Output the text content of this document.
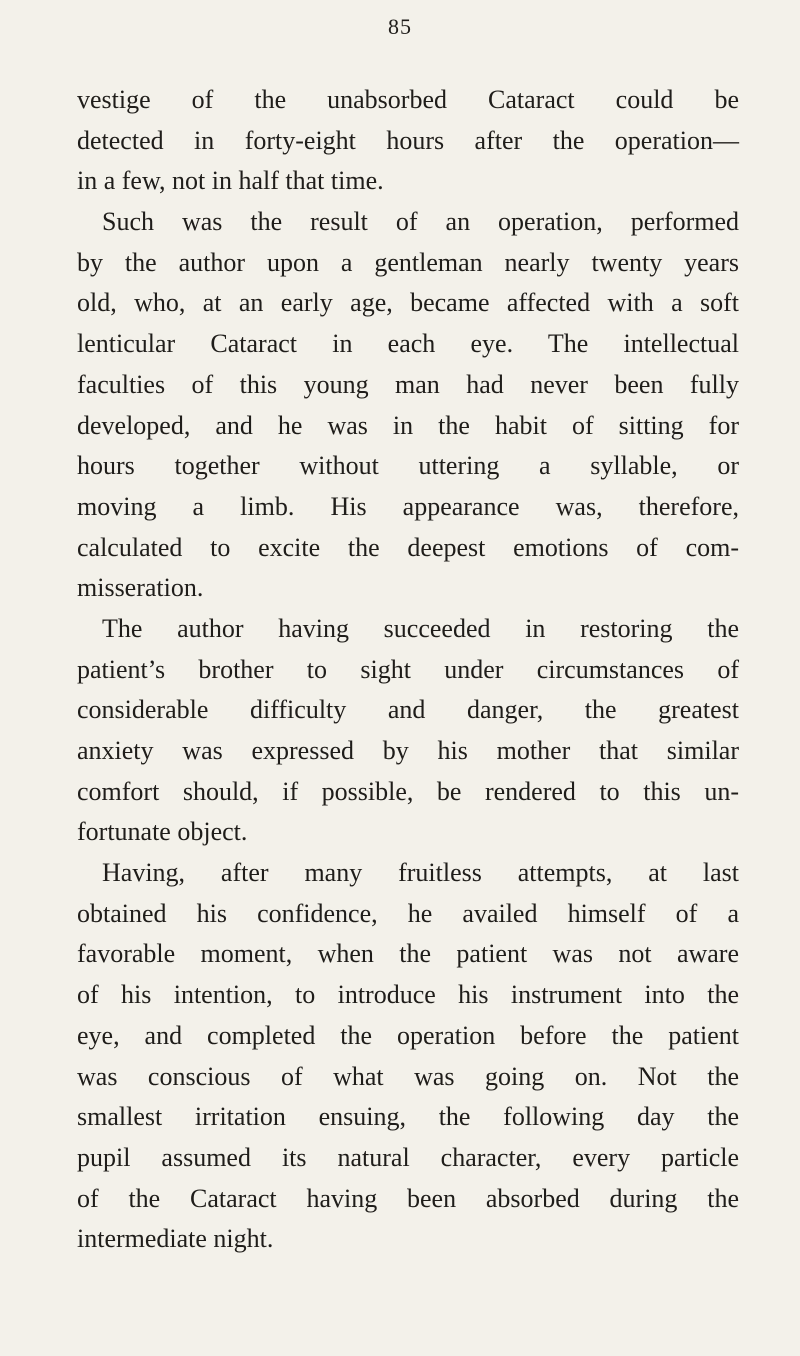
85
vestige of the unabsorbed Cataract could be
detected in forty-eight hours after the operation—
in a few, not in half that time.
Such was the result of an operation, performed
by the author upon a gentleman nearly twenty years
old, who, at an early age, became affected with a soft
lenticular Cataract in each eye. The intellectual
faculties of this young man had never been fully
developed, and he was in the habit of sitting for
hours together without uttering a syllable, or
moving a limb. His appearance was, therefore,
calculated to excite the deepest emotions of com-
misseration.
The author having succeeded in restoring the
patient’s brother to sight under circumstances of
considerable difficulty and danger, the greatest
anxiety was expressed by his mother that similar
comfort should, if possible, be rendered to this un-
fortunate object.
Having, after many fruitless attempts, at last
obtained his confidence, he availed himself of a
favorable moment, when the patient was not aware
of his intention, to introduce his instrument into the
eye, and completed the operation before the patient
was conscious of what was going on. Not the
smallest irritation ensuing, the following day the
pupil assumed its natural character, every particle
of the Cataract having been absorbed during the
intermediate night.
